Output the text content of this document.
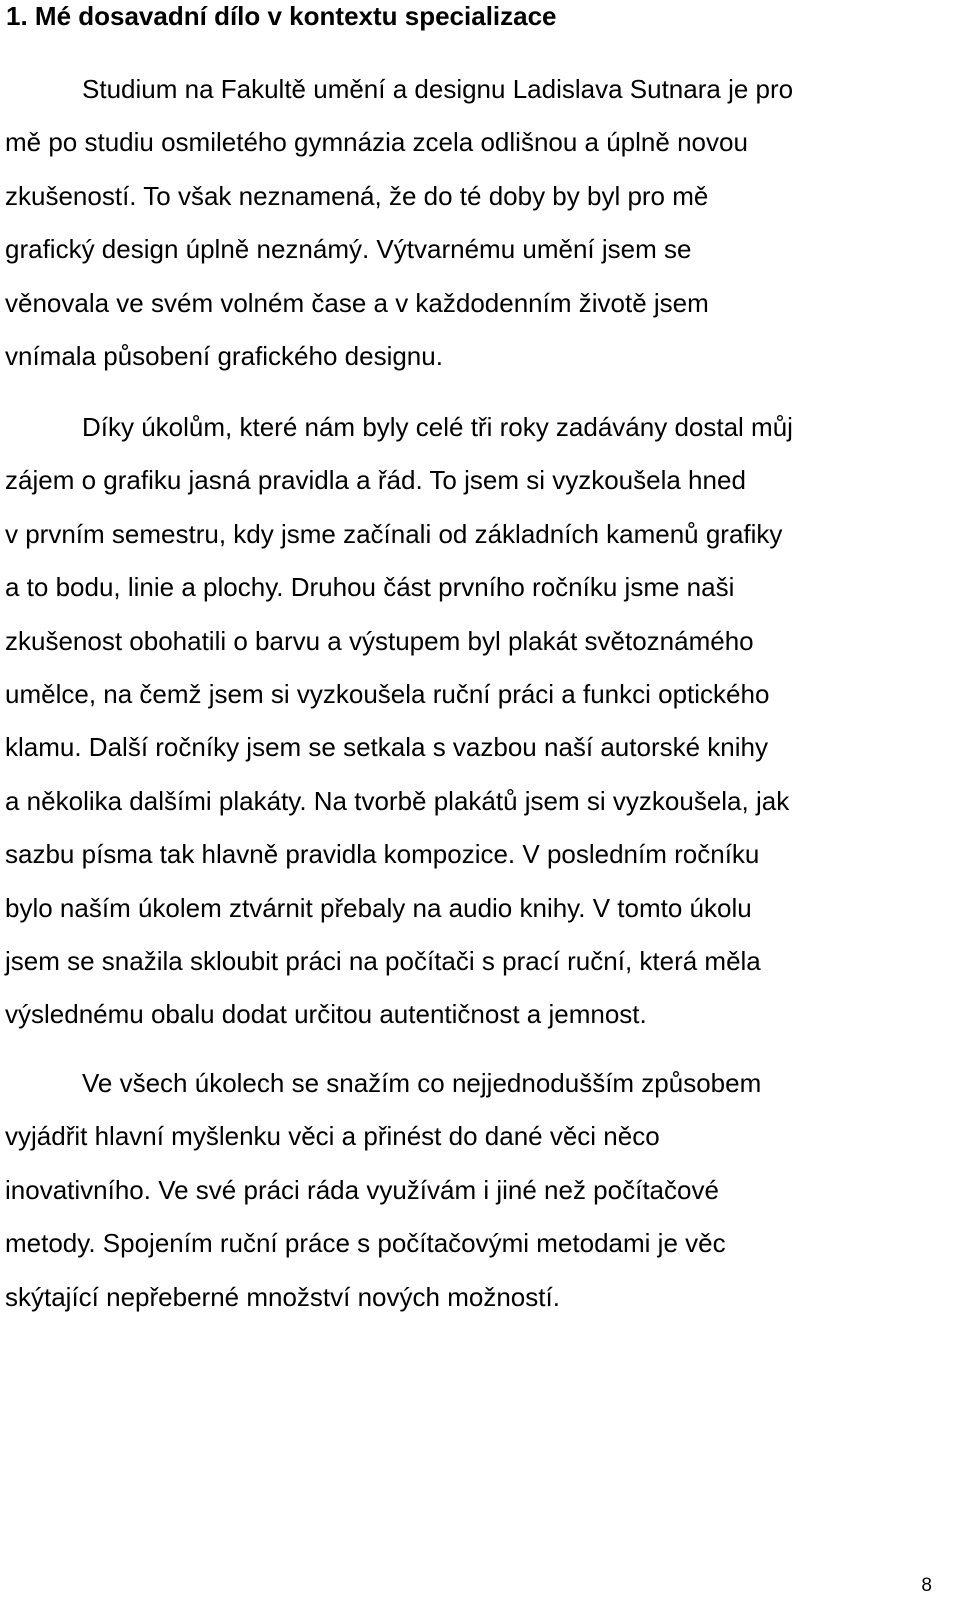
1. Mé dosavadní dílo v kontextu specializace

Studium na Fakultě umění a designu Ladislava Sutnara je pro
mě po studiu osmiletého gymnázia zcela odlišnou a úplně novou
zkušeností. To však neznamená, že do té doby by byl pro mě
grafický design úplně neznámý. Výtvarnému umění jsem se
věnovala ve svém volném čase a v každodenním životě jsem
vnímala působení grafického designu.

Díky úkolům, které nám byly celé tři roky zadávány dostal můj
zájem o grafiku jasná pravidla a řád. To jsem si vyzkoušela hned
v prvním semestru, kdy jsme začínali od základních kamenů grafiky
a to bodu, linie a plochy. Druhou část prvního ročníku jsme naši
zkušenost obohatili o barvu a výstupem byl plakát světoznámého
umělce, na čemž jsem si vyzkoušela ruční práci a funkci optického
klamu. Další ročníky jsem se setkala s vazbou naší autorské knihy
a několika dalšími plakáty. Na tvorbě plakátů jsem si vyzkoušela, jak
sazbu písma tak hlavně pravidla kompozice. V posledním ročníku
bylo naším úkolem ztvárnit přebaly na audio knihy. V tomto úkolu
jsem se snažila skloubit práci na počítači s prací ruční, která měla
výslednému obalu dodat určitou autentičnost a jemnost.

Ve všech úkolech se snažím co nejjednodušším způsobem
vyjádřit hlavní myšlenku věci a přinést do dané věci něco
inovativního. Ve své práci ráda využívám i jiné než počítačové
metody. Spojením ruční práce s počítačovými metodami je věc
skýtající nepřeberné množství nových možností.

8
